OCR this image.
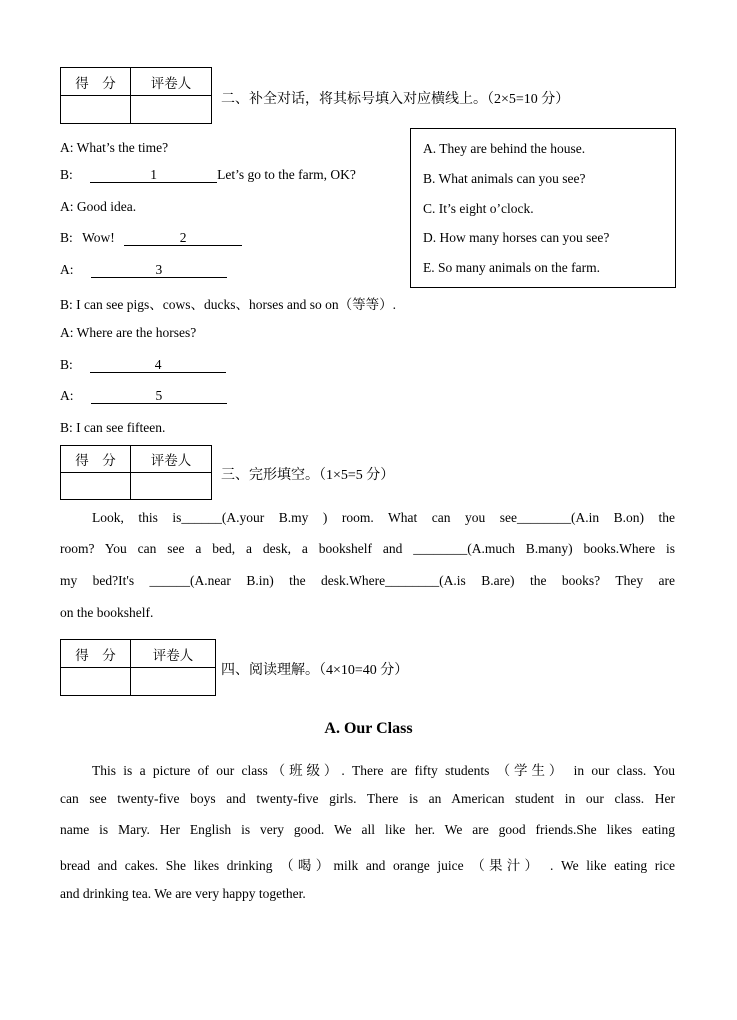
得　分	评卷人

二、补全对话，将其标号填入对应横线上。（2×5=10 分）
A: What’s the time?
B:	1	Let’s go to the farm, OK?
A: Good idea.
B: Wow!	2
A:	3
B: I can see pigs、cows、ducks、horses and so on（等等）.
A: Where are the horses?
B:	4
A:	5
B: I can see fifteen.
A. They are behind the house.
B. What animals can you see?
C. It’s eight o’clock.
D. How many horses can you see?
E. So many animals on the farm.
得　分	评卷人

三、完形填空。（1×5=5 分）
Look, this is______(A.your B.my ) room. What can you see________(A.in B.on) the
room? You can see a bed, a desk, a bookshelf and ________(A.much B.many) books.Where is
my bed?It's ______(A.near B.in) the desk.Where________(A.is B.are) the books? They are
on the bookshelf.
得　分	评卷人

四、阅读理解。（4×10=40 分）
A. Our Class
This is a picture of our class（班级）. There are fifty students （学生） in our class. You
can see twenty-five boys and twenty-five girls. There is an American student in our class. Her
name is Mary. Her English is very good. We all like her. We are good friends.She likes eating
bread and cakes. She likes drinking （喝）milk and orange juice （果汁） . We like eating rice
and drinking tea. We are very happy together.
